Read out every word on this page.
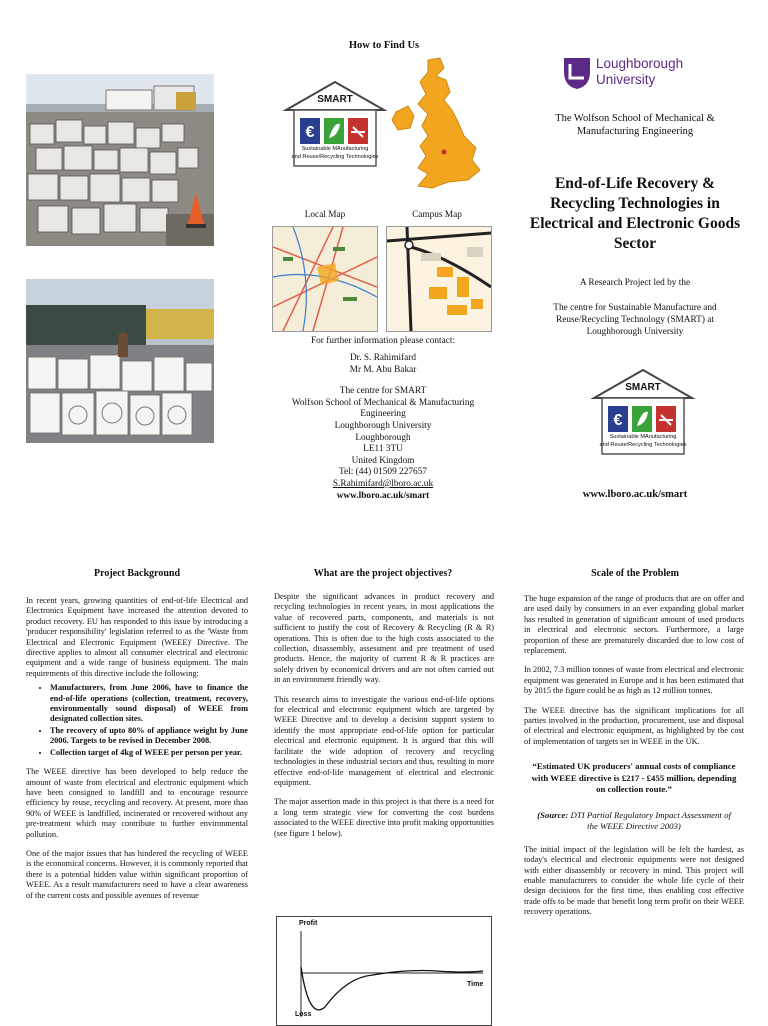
How to Find Us
€
SMART
Sustainable MAnufacturing
and Reuse/Recycling Technologies
Local Map	Campus Map
For further information please contact:
Dr. S. Rahimifard
Mr M. Abu Bakar
The centre for SMART
Wolfson School of Mechanical & Manufacturing
Engineering
Loughborough University
Loughborough
LE11 3TU
United Kingdom
Tel: (44) 01509 227657
S.Rahimifard@lboro.ac.uk
www.lboro.ac.uk/smart
Loughborough
University
The Wolfson School of Mechanical & Manufacturing Engineering
End-of-Life Recovery & Recycling Technologies in Electrical and Electronic Goods Sector
A Research Project led by the
The centre for Sustainable Manufacture and Reuse/Recycling Technology (SMART) at Loughborough University
€
SMART
Sustainable MAnufacturing
and Reuse/Recycling Technologies
www.lboro.ac.uk/smart
Project Background

In recent years, growing quantities of end-of-life Electrical and Electronics Equipment have increased the attention devoted to product recovery. EU has responded to this issue by introducing a 'producer responsibility' legislation referred to as the 'Waste from Electrical and Electronic Equipment (WEEE)' Directive. The directive applies to almost all consumer electrical and electronic equipment and a wide range of business equipment. The main requirements of this directive include the following:

• Manufacturers, from June 2006, have to finance the end-of-life operations (collection, treatment, recovery, environmentally sound disposal) of WEEE from designated collection sites.
• The recovery of upto 80% of appliance weight by June 2006. Targets to be revised in December 2008.
• Collection target of 4kg of WEEE per person per year.

The WEEE directive has been developed to help reduce the amount of waste from electrical and electronic equipment which have been consigned to landfill and to encourage resource efficiency by reuse, recycling and recovery. At present, more than 90% of WEEE is landfilled, incinerated or recovered without any pre-treatment which may contribute to further environmental pollution.

One of the major issues that has hindered the recycling of WEEE is the economical concerns. However, it is commonly reported that there is a potential hidden value within significant proportion of WEEE. As a result manufacturers need to have a clear awareness of the current costs and possible avenues of revenue

What are the project objectives?

Despite the significant advances in product recovery and recycling technologies in recent years, in most applications the value of recovered parts, components, and materials is not sufficient to justify the cost of Recovery & Recycling (R & R) operations. This is often due to the high costs associated to the collection, disassembly, assessment and pre treatment of used products. Hence, the majority of current R & R practices are solely driven by economical drivers and are not often carried out in an environment friendly way.

This research aims to investigate the various end-of-life options for electrical and electronic equipment which are targeted by WEEE Directive and to develop a decision support system to identify the most appropriate end-of-life option for particular electrical and electronic equipment. It is argued that this will facilitate the wide adoption of recovery and recycling technologies in these industrial sectors and thus, resulting in more effective end-of-life management of electrical and electronic equipment.

The major assertion made in this project is that there is a need for a long term strategic view for converting the cost burdens associated to the WEEE directive into profit making opportunities (see figure 1 below).

Profit
Time
Loss
Scale of the Problem

The huge expansion of the range of products that are on offer and are used daily by consumers in an ever expanding global market has resulted in generation of significant amount of used products in electrical and electronic sectors. Furthermore, a large proportion of these are prematurely discarded due to low cost of replacement.

In 2002, 7.3 million tonnes of waste from electrical and electronic equipment was generated in Europe and it has been estimated that by 2015 the figure could be as high as 12 million tonnes.

The WEEE directive has the significant implications for all parties involved in the production, procurement, use and disposal of electrical and electronic equipment, as highlighted by the cost of implementation of targets set in WEEE in the UK.

“Estimated UK producers' annual costs of compliance with WEEE directive is £217 - £455 million, depending on collection route.”

(Source: DTI Partial Regulatory Impact Assessment of the WEEE Directive 2003)

The initial impact of the legislation will be felt the hardest, as today's electrical and electronic equipments were not designed with either disassembly or recovery in mind. This project will enable manufacturers to consider the whole life cycle of their design decisions for the first time, thus enabling cost effective trade offs to be made that benefit long term profit on their WEEE recovery operations.
